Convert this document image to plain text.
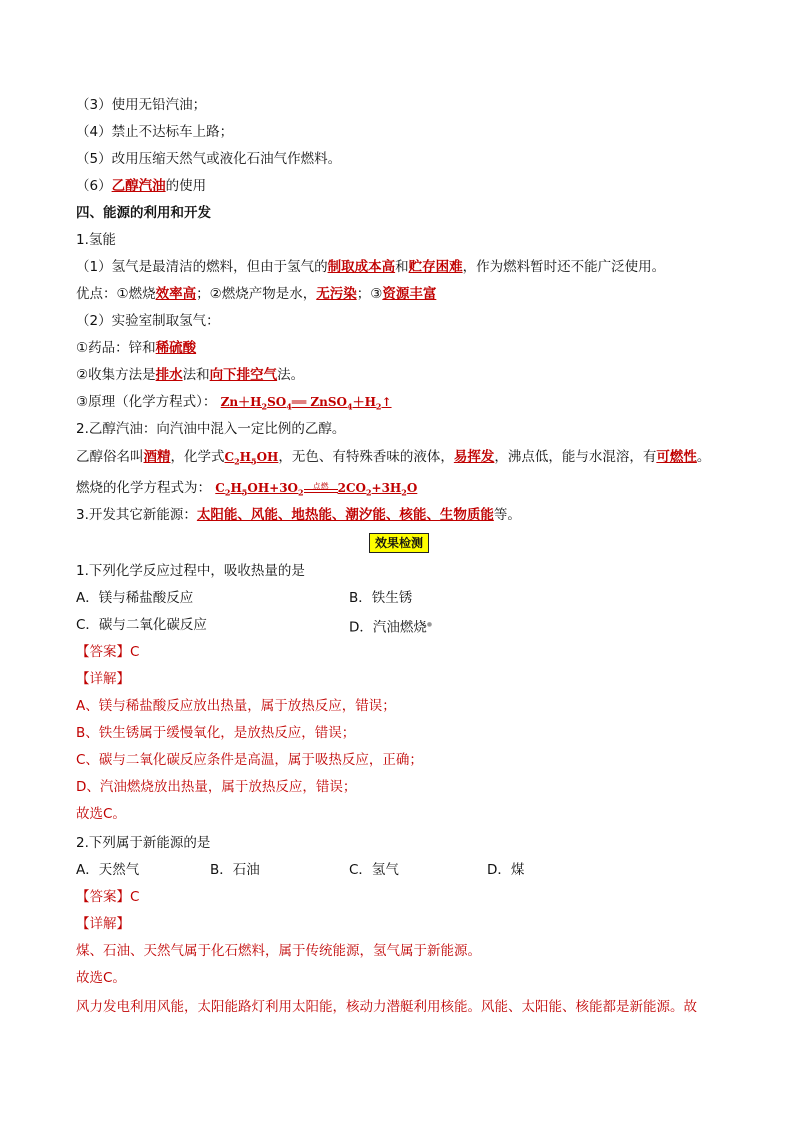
（3）使用无铅汽油；
（4）禁止不达标车上路；
（5）改用压缩天然气或液化石油气作燃料。
（6）乙醇汽油的使用
四、能源的利用和开发
1.氢能
（1）氢气是最清洁的燃料，但由于氢气的制取成本高和贮存困难，作为燃料暂时还不能广泛使用。
优点：①燃烧效率高；②燃烧产物是水，无污染；③资源丰富
（2）实验室制取氢气：
①药品：锌和稀硫酸
②收集方法是排水法和向下排空气法。
③原理（化学方程式）： $Zn+H_2SO_4══$ $ZnSO_4+H_2↑$
2.乙醇汽油：向汽油中混入一定比例的乙醇。
乙醇俗名叫酒精，化学式$C_2H_5OH$，无色、有特殊香味的液体，易挥发，沸点低，能与水混溶，有可燃性。
燃烧的化学方程式为： $C_2H_5OH+3O_2$
点燃 $2CO_2+3H_2O$
3.开发其它新能源：太阳能、风能、地热能、潮汐能、核能、生物质能等。
效果检测
1.下列化学反应过程中，吸收热量的是
A．镁与稀盐酸反应	B．铁生锈
C．碳与二氧化碳反应	D．汽油燃烧●
【答案】C
【详解】
A、镁与稀盐酸反应放出热量，属于放热反应，错误；
B、铁生锈属于缓慢氧化，是放热反应，错误；
C、碳与二氧化碳反应条件是高温，属于吸热反应，正确；
D、汽油燃烧放出热量，属于放热反应，错误；
故选C。
2.下列属于新能源的是
A．天然气	B．石油	C．氢气	D．煤
【答案】C
【详解】
煤、石油、天然气属于化石燃料，属于传统能源，氢气属于新能源。
故选C。
风力发电利用风能，太阳能路灯利用太阳能，核动力潜艇利用核能。风能、太阳能、核能都是新能源。故
